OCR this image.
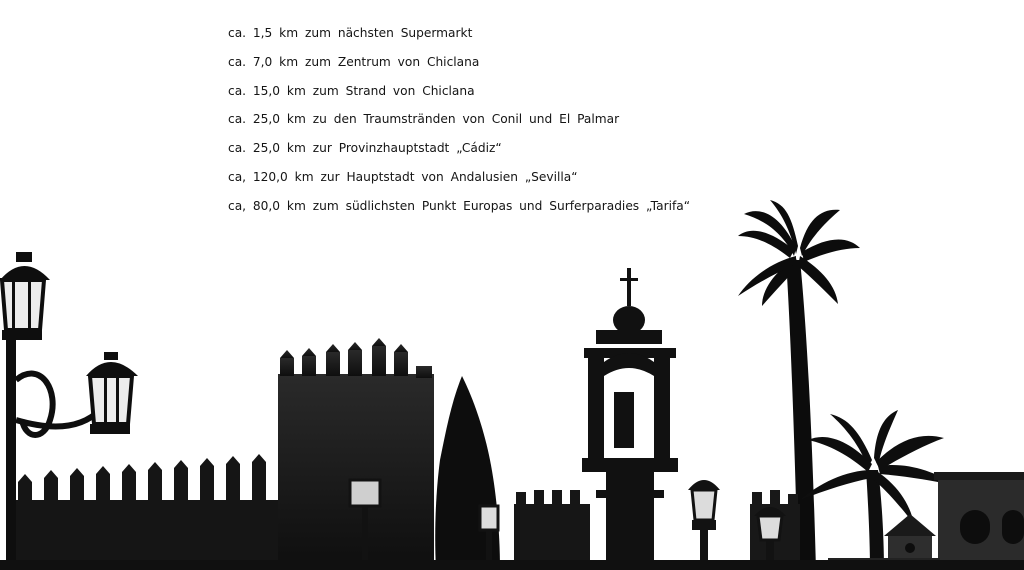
ca. 1,5 km zum nächsten Supermarkt
ca. 7,0 km zum Zentrum von Chiclana
ca. 15,0 km zum Strand von Chiclana
ca. 25,0 km zu den Traumstränden von Conil und El Palmar
ca. 25,0 km zur Provinzhauptstadt „Cádiz“
ca, 120,0 km zur Hauptstadt von Andalusien „Sevilla“
ca, 80,0 km zum südlichsten Punkt Europas und Surferparadies „Tarifa“
